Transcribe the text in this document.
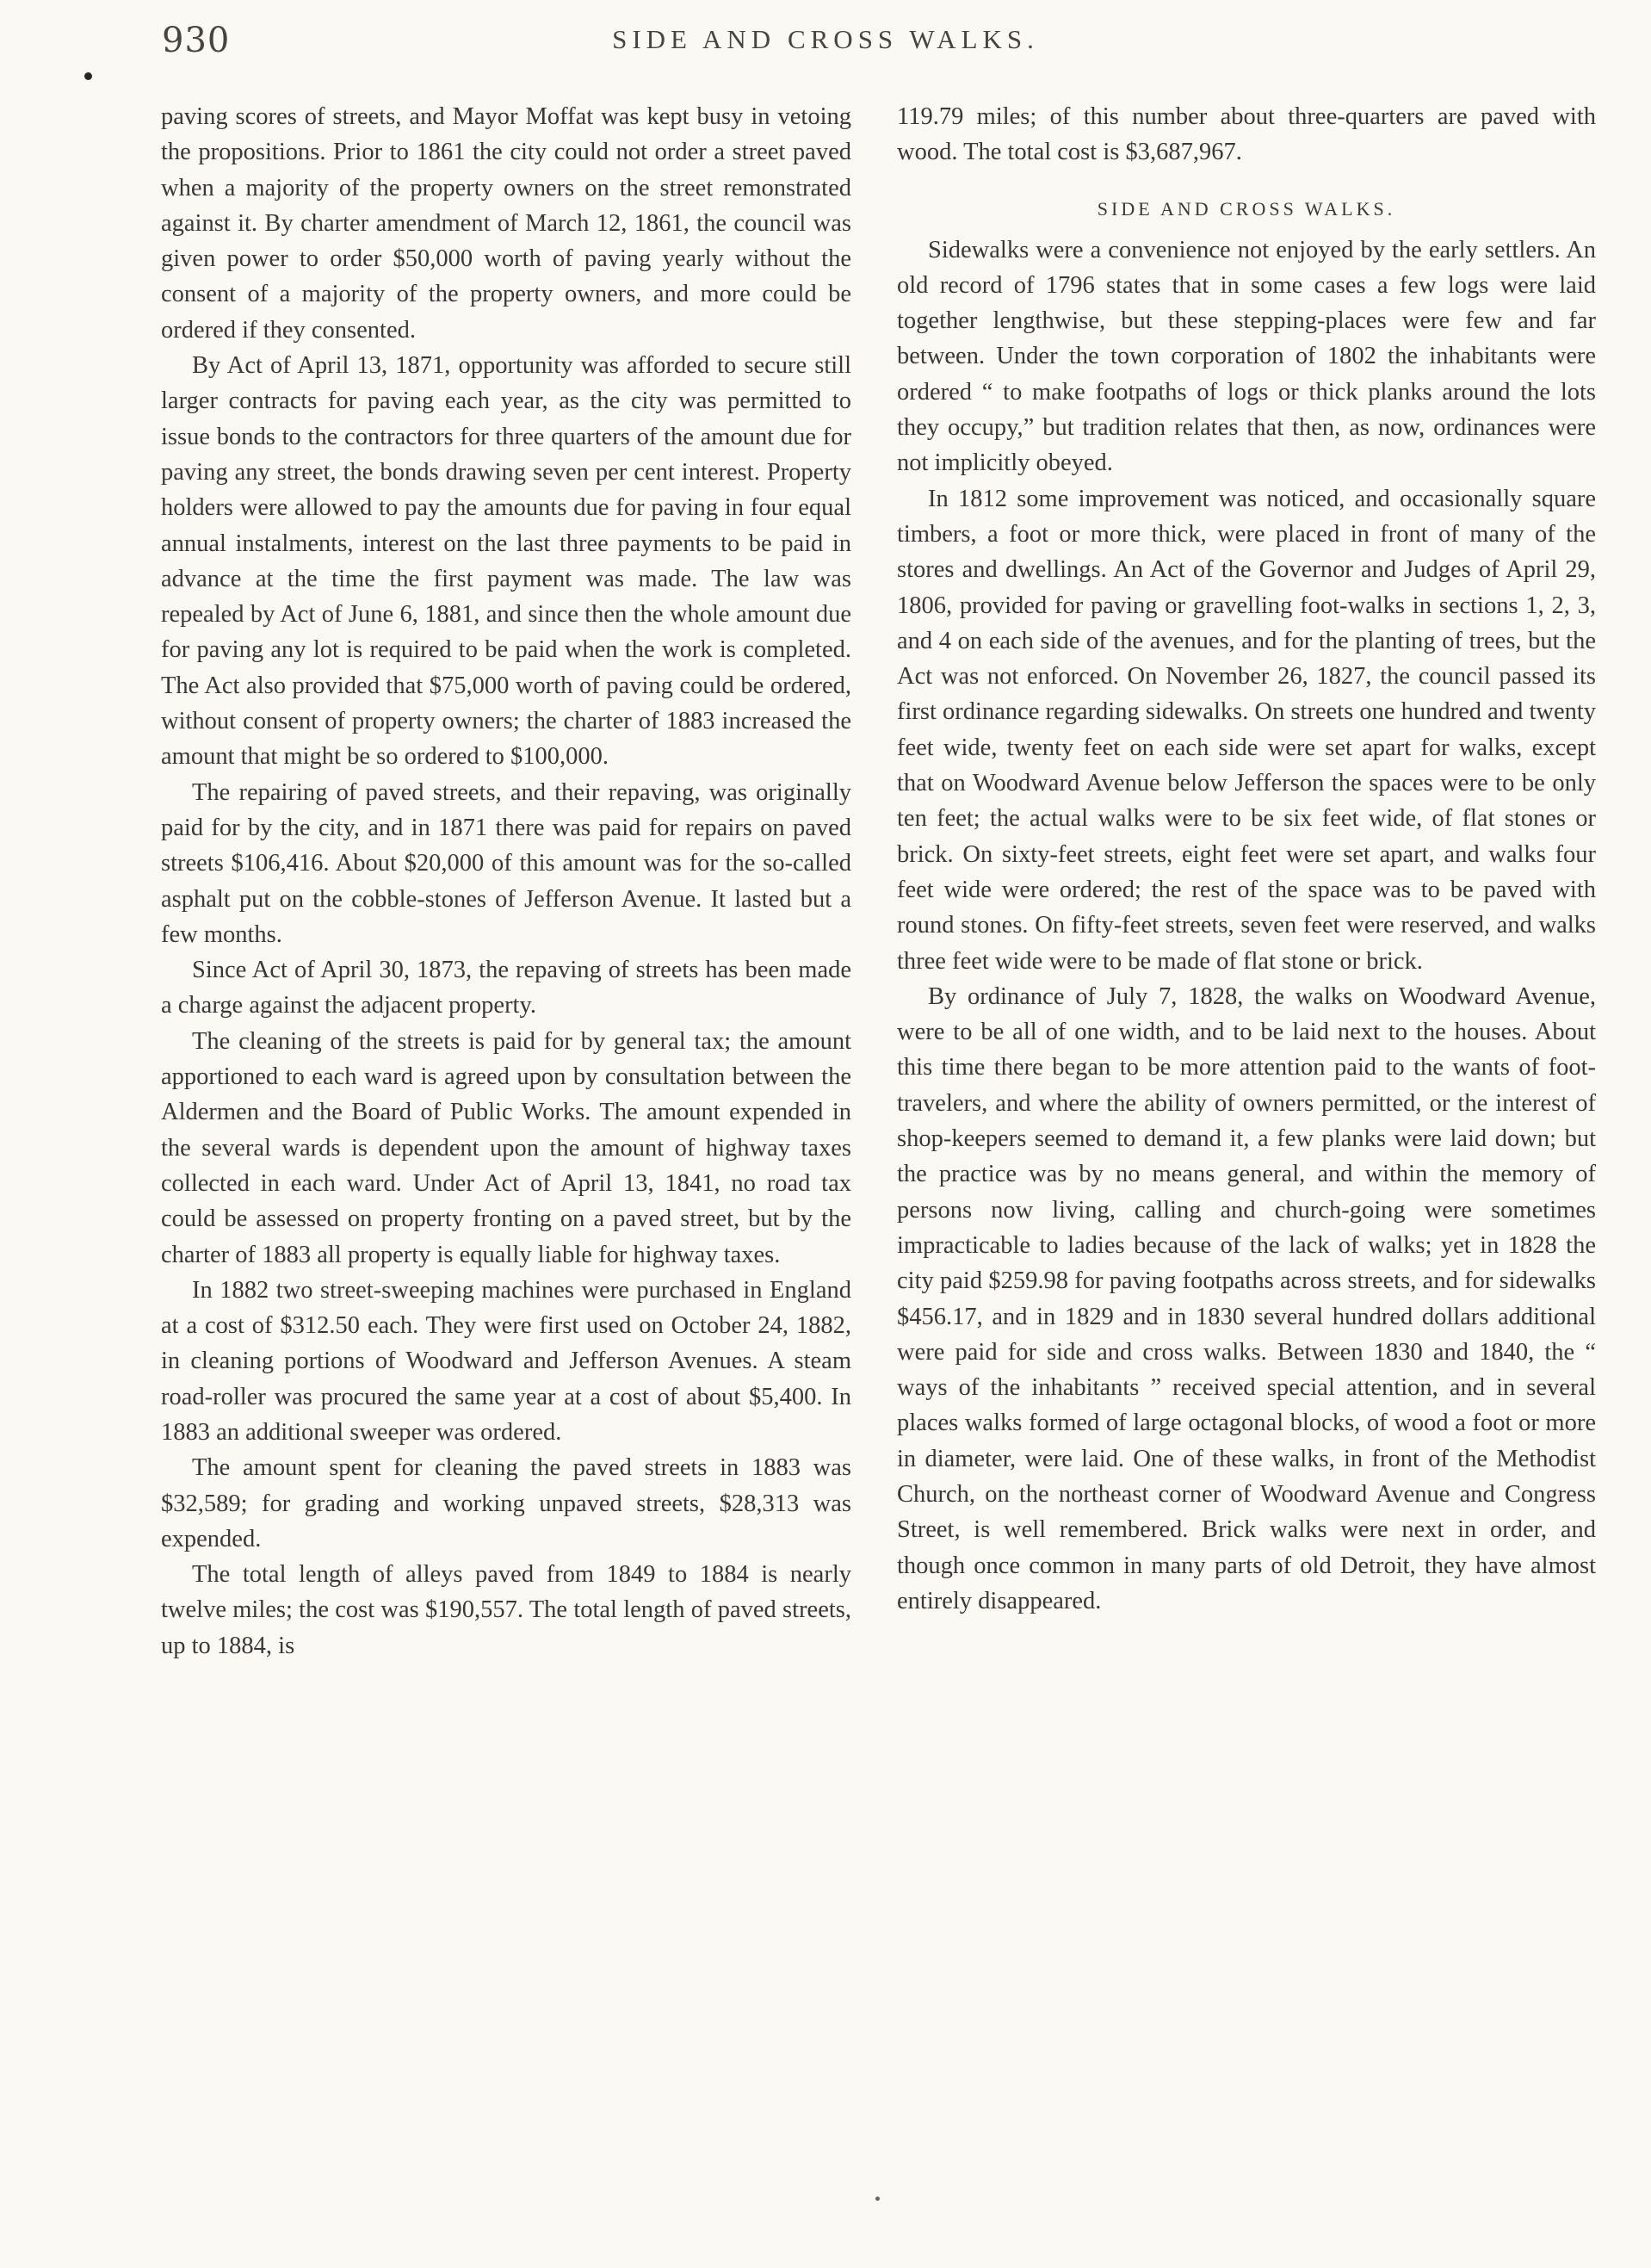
930	SIDE AND CROSS WALKS.

paving scores of streets, and Mayor Moffat was kept busy in vetoing the propositions. Prior to 1861 the city could not order a street paved when a majority of the property owners on the street remonstrated against it. By charter amendment of March 12, 1861, the council was given power to order $50,000 worth of paving yearly without the consent of a majority of the property owners, and more could be ordered if they consented.

By Act of April 13, 1871, opportunity was afforded to secure still larger contracts for paving each year, as the city was permitted to issue bonds to the contractors for three quarters of the amount due for paving any street, the bonds drawing seven per cent interest. Property holders were allowed to pay the amounts due for paving in four equal annual instalments, interest on the last three payments to be paid in advance at the time the first payment was made. The law was repealed by Act of June 6, 1881, and since then the whole amount due for paving any lot is required to be paid when the work is completed. The Act also provided that $75,000 worth of paving could be ordered, without consent of property owners; the charter of 1883 increased the amount that might be so ordered to $100,000.

The repairing of paved streets, and their repaving, was originally paid for by the city, and in 1871 there was paid for repairs on paved streets $106,416. About $20,000 of this amount was for the so-called asphalt put on the cobble-stones of Jefferson Avenue. It lasted but a few months.

Since Act of April 30, 1873, the repaving of streets has been made a charge against the adjacent property.

The cleaning of the streets is paid for by general tax; the amount apportioned to each ward is agreed upon by consultation between the Aldermen and the Board of Public Works. The amount expended in the several wards is dependent upon the amount of highway taxes collected in each ward. Under Act of April 13, 1841, no road tax could be assessed on property fronting on a paved street, but by the charter of 1883 all property is equally liable for highway taxes.

In 1882 two street-sweeping machines were purchased in England at a cost of $312.50 each. They were first used on October 24, 1882, in cleaning portions of Woodward and Jefferson Avenues. A steam road-roller was procured the same year at a cost of about $5,400. In 1883 an additional sweeper was ordered.

The amount spent for cleaning the paved streets in 1883 was $32,589; for grading and working unpaved streets, $28,313 was expended.

The total length of alleys paved from 1849 to 1884 is nearly twelve miles; the cost was $190,557. The total length of paved streets, up to 1884, is

119.79 miles; of this number about three-quarters are paved with wood. The total cost is $3,687,967.

SIDE AND CROSS WALKS.

Sidewalks were a convenience not enjoyed by the early settlers. An old record of 1796 states that in some cases a few logs were laid together lengthwise, but these stepping-places were few and far between. Under the town corporation of 1802 the inhabitants were ordered “ to make footpaths of logs or thick planks around the lots they occupy,” but tradition relates that then, as now, ordinances were not implicitly obeyed.

In 1812 some improvement was noticed, and occasionally square timbers, a foot or more thick, were placed in front of many of the stores and dwellings. An Act of the Governor and Judges of April 29, 1806, provided for paving or gravelling foot-walks in sections 1, 2, 3, and 4 on each side of the avenues, and for the planting of trees, but the Act was not enforced. On November 26, 1827, the council passed its first ordinance regarding sidewalks. On streets one hundred and twenty feet wide, twenty feet on each side were set apart for walks, except that on Woodward Avenue below Jefferson the spaces were to be only ten feet; the actual walks were to be six feet wide, of flat stones or brick. On sixty-feet streets, eight feet were set apart, and walks four feet wide were ordered; the rest of the space was to be paved with round stones. On fifty-feet streets, seven feet were reserved, and walks three feet wide were to be made of flat stone or brick.

By ordinance of July 7, 1828, the walks on Woodward Avenue, were to be all of one width, and to be laid next to the houses. About this time there began to be more attention paid to the wants of foot-travelers, and where the ability of owners permitted, or the interest of shop-keepers seemed to demand it, a few planks were laid down; but the practice was by no means general, and within the memory of persons now living, calling and church-going were sometimes impracticable to ladies because of the lack of walks; yet in 1828 the city paid $259.98 for paving footpaths across streets, and for sidewalks $456.17, and in 1829 and in 1830 several hundred dollars additional were paid for side and cross walks. Between 1830 and 1840, the “ ways of the inhabitants ” received special attention, and in several places walks formed of large octagonal blocks, of wood a foot or more in diameter, were laid. One of these walks, in front of the Methodist Church, on the northeast corner of Woodward Avenue and Congress Street, is well remembered. Brick walks were next in order, and though once common in many parts of old Detroit, they have almost entirely disappeared.
